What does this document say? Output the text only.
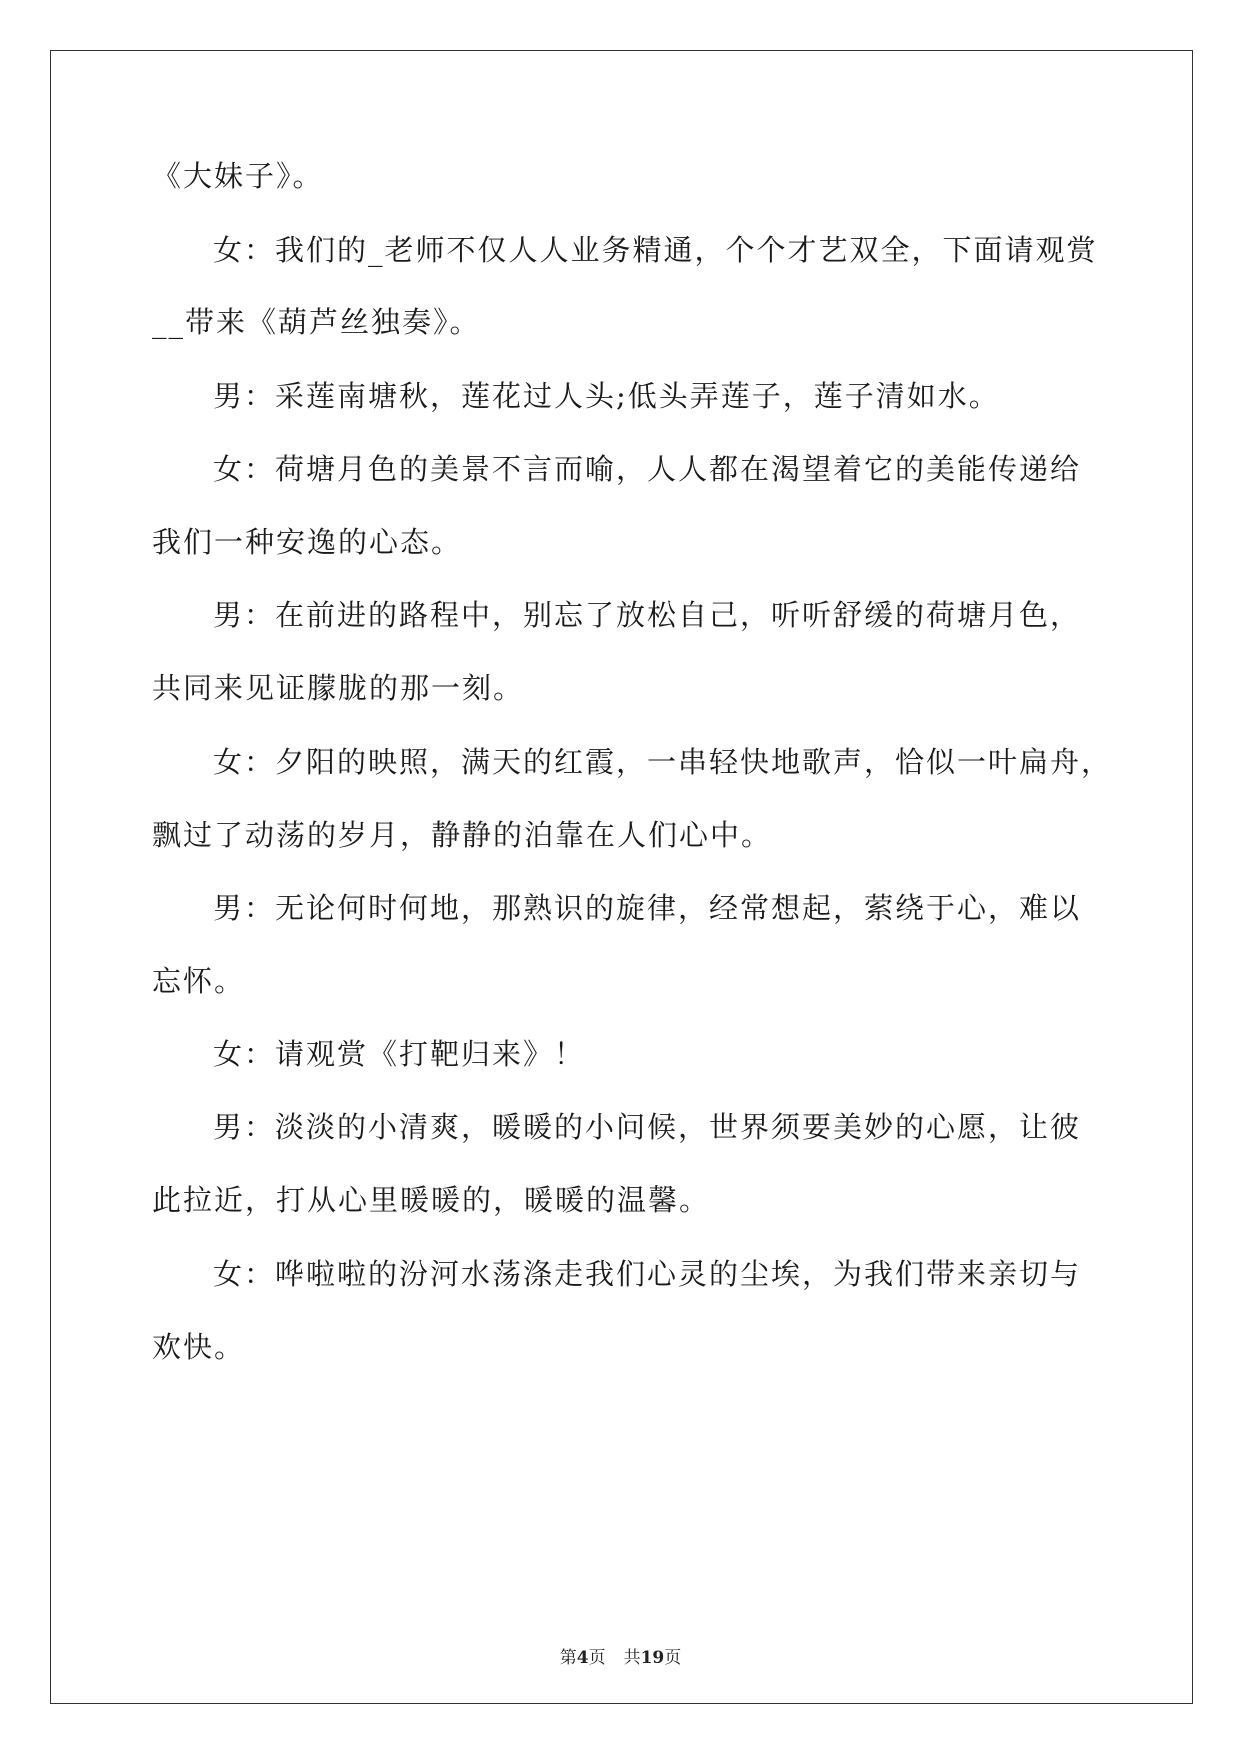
《大妹子》。
女：我们的_老师不仅人人业务精通，个个才艺双全，下面请观赏
__带来《葫芦丝独奏》。
男：采莲南塘秋，莲花过人头;低头弄莲子，莲子清如水。
女：荷塘月色的美景不言而喻，人人都在渴望着它的美能传递给
我们一种安逸的心态。
男：在前进的路程中，别忘了放松自己，听听舒缓的荷塘月色，
共同来见证朦胧的那一刻。
女：夕阳的映照，满天的红霞，一串轻快地歌声，恰似一叶扁舟，
飘过了动荡的岁月，静静的泊靠在人们心中。
男：无论何时何地，那熟识的旋律，经常想起，萦绕于心，难以
忘怀。
女：请观赏《打靶归来》！
男：淡淡的小清爽，暖暖的小问候，世界须要美妙的心愿，让彼
此拉近，打从心里暖暖的，暖暖的温馨。
女：哗啦啦的汾河水荡涤走我们心灵的尘埃，为我们带来亲切与
欢快。
第4页 共19页
